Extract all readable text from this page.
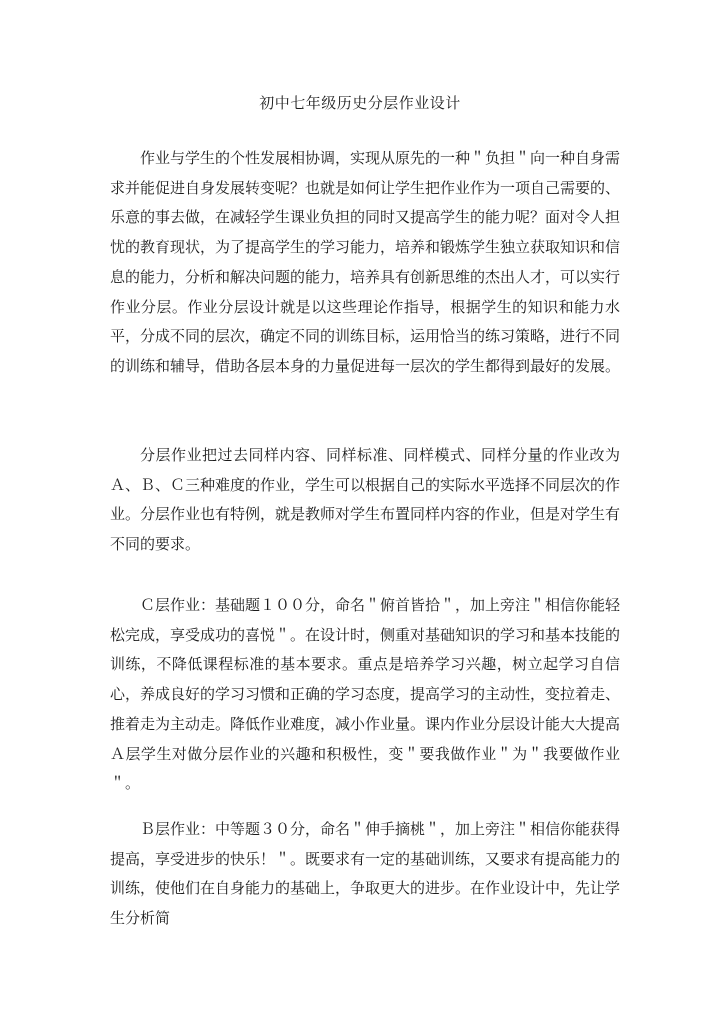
初中七年级历史分层作业设计

作业与学生的个性发展相协调，实现从原先的一种＂负担＂向一种自身需求并能促进自身发展转变呢？也就是如何让学生把作业作为一项自己需要的、乐意的事去做，在减轻学生课业负担的同时又提高学生的能力呢？面对令人担忧的教育现状，为了提高学生的学习能力，培养和锻炼学生独立获取知识和信息的能力，分析和解决问题的能力，培养具有创新思维的杰出人才，可以实行作业分层。作业分层设计就是以这些理论作指导，根据学生的知识和能力水平，分成不同的层次，确定不同的训练目标，运用恰当的练习策略，进行不同的训练和辅导，借助各层本身的力量促进每一层次的学生都得到最好的发展。

分层作业把过去同样内容、同样标准、同样模式、同样分量的作业改为Ａ、Ｂ、Ｃ三种难度的作业，学生可以根据自己的实际水平选择不同层次的作业。分层作业也有特例，就是教师对学生布置同样内容的作业，但是对学生有不同的要求。

Ｃ层作业：基础题１００分，命名＂俯首皆拾＂，加上旁注＂相信你能轻松完成，享受成功的喜悦＂。在设计时，侧重对基础知识的学习和基本技能的训练，不降低课程标准的基本要求。重点是培养学习兴趣，树立起学习自信心，养成良好的学习习惯和正确的学习态度，提高学习的主动性，变拉着走、推着走为主动走。降低作业难度，减小作业量。课内作业分层设计能大大提高Ａ层学生对做分层作业的兴趣和积极性，变＂要我做作业＂为＂我要做作业＂。

Ｂ层作业：中等题３０分，命名＂伸手摘桃＂，加上旁注＂相信你能获得提高，享受进步的快乐！＂。既要求有一定的基础训练，又要求有提高能力的训练，使他们在自身能力的基础上，争取更大的进步。在作业设计中，先让学生分析简
